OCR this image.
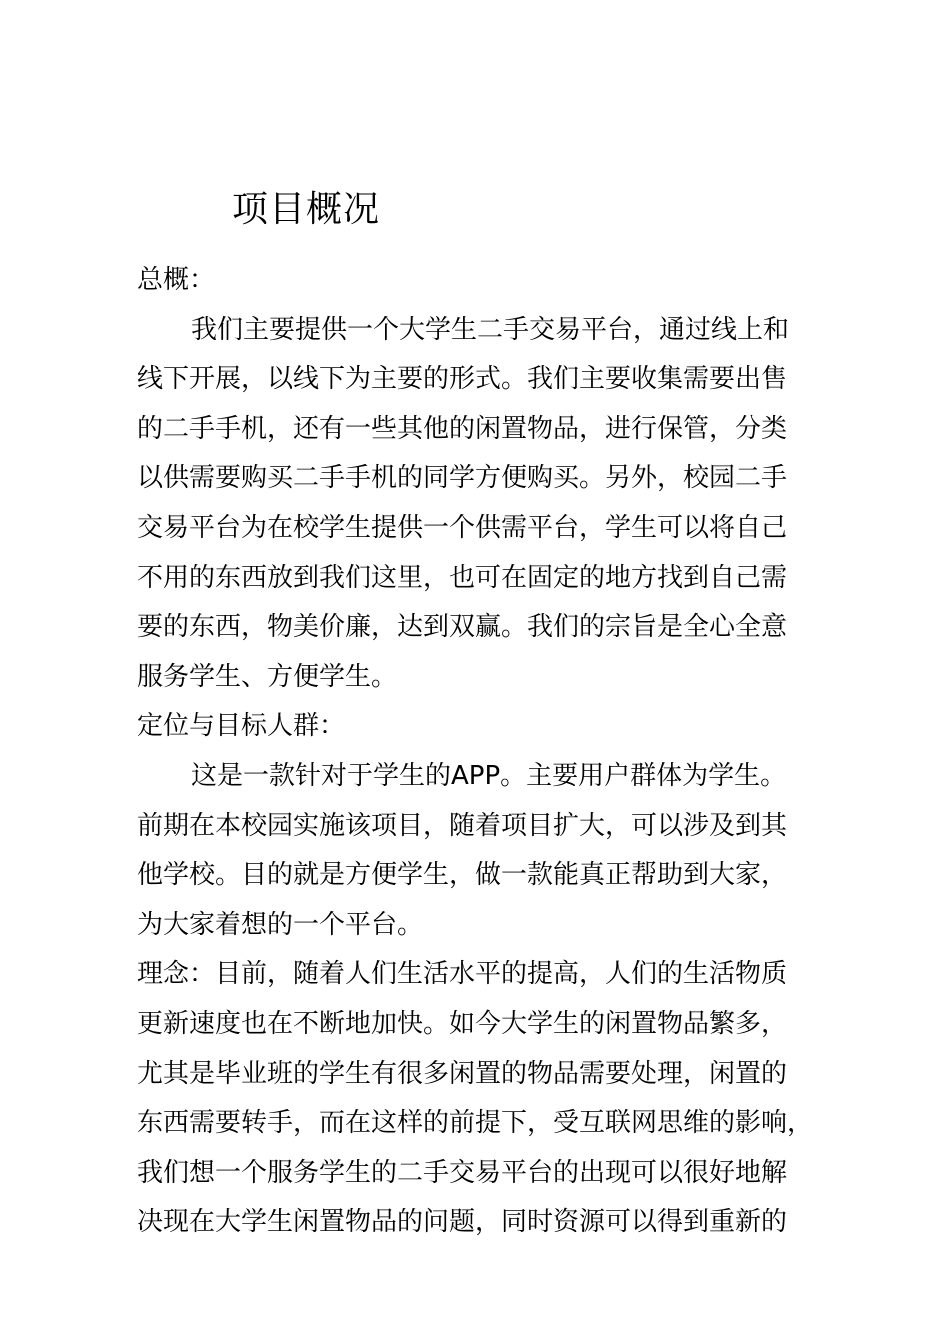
项目概况
总概：
我们主要提供一个大学生二手交易平台，通过线上和
线下开展，以线下为主要的形式。我们主要收集需要出售
的二手手机，还有一些其他的闲置物品，进行保管，分类
以供需要购买二手手机的同学方便购买。另外，校园二手
交易平台为在校学生提供一个供需平台，学生可以将自己
不用的东西放到我们这里，也可在固定的地方找到自己需
要的东西，物美价廉，达到双赢。我们的宗旨是全心全意
服务学生、方便学生。
定位与目标人群：
这是一款针对于学生的APP。主要用户群体为学生。
前期在本校园实施该项目，随着项目扩大，可以涉及到其
他学校。目的就是方便学生，做一款能真正帮助到大家，
为大家着想的一个平台。
理念：目前，随着人们生活水平的提高，人们的生活物质
更新速度也在不断地加快。如今大学生的闲置物品繁多，
尤其是毕业班的学生有很多闲置的物品需要处理，闲置的
东西需要转手，而在这样的前提下，受互联网思维的影响，
我们想一个服务学生的二手交易平台的出现可以很好地解
决现在大学生闲置物品的问题，同时资源可以得到重新的
